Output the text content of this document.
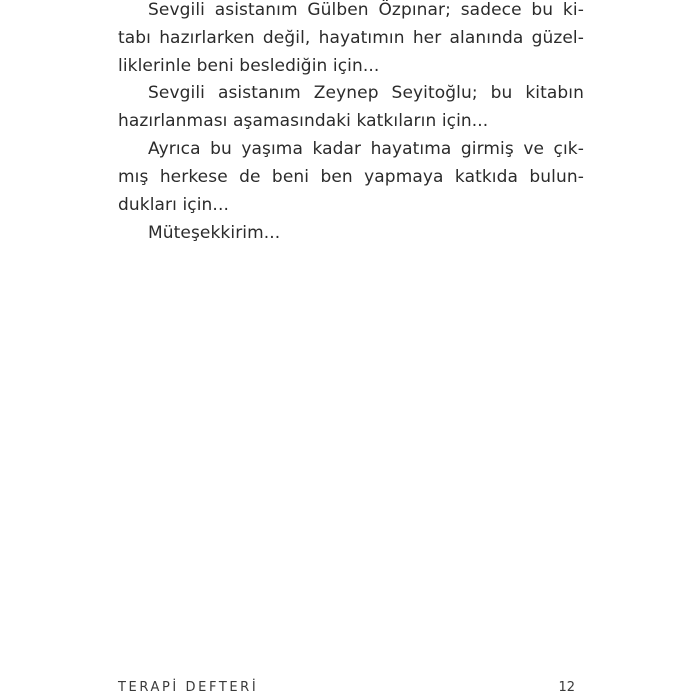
Sevgili asistanım Gülben Özpınar; sadece bu ki-
tabı hazırlarken değil, hayatımın her alanında güzel-
liklerinle beni beslediğin için...
Sevgili asistanım Zeynep Seyitoğlu; bu kitabın
hazırlanması aşamasındaki katkıların için...
Ayrıca bu yaşıma kadar hayatıma girmiş ve çık-
mış herkese de beni ben yapmaya katkıda bulun-
dukları için...
Müteşekkirim...
TERAPİ DEFTERİ	12
